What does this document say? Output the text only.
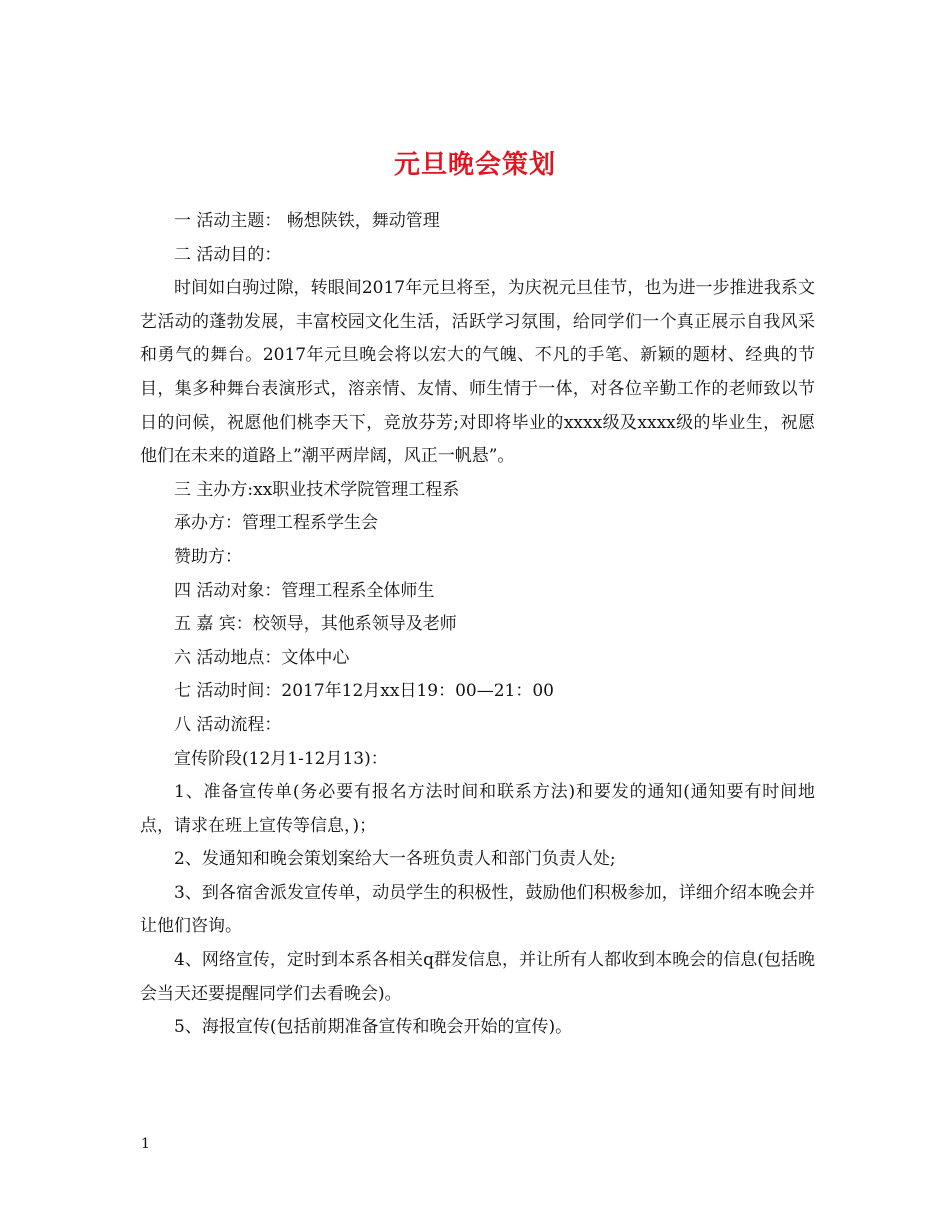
元旦晚会策划

一 活动主题： 畅想陕铁，舞动管理

二 活动目的：

时间如白驹过隙，转眼间2017年元旦将至，为庆祝元旦佳节，也为进一步推进我系文艺活动的蓬勃发展，丰富校园文化生活，活跃学习氛围，给同学们一个真正展示自我风采和勇气的舞台。2017年元旦晚会将以宏大的气魄、不凡的手笔、新颖的题材、经典的节目，集多种舞台表演形式，溶亲情、友情、师生情于一体，对各位辛勤工作的老师致以节日的问候，祝愿他们桃李天下，竞放芬芳;对即将毕业的xxxx级及xxxx级的毕业生，祝愿他们在未来的道路上”潮平两岸阔，风正一帆悬”。

三 主办方:xx职业技术学院管理工程系

承办方：管理工程系学生会

赞助方：

四 活动对象：管理工程系全体师生

五 嘉 宾：校领导，其他系领导及老师

六 活动地点：文体中心

七 活动时间：2017年12月xx日19：00—21：00

八 活动流程：

宣传阶段(12月1-12月13)：

1、准备宣传单(务必要有报名方法时间和联系方法)和要发的通知(通知要有时间地点，请求在班上宣传等信息，)；

2、发通知和晚会策划案给大一各班负责人和部门负责人处;

3、到各宿舍派发宣传单，动员学生的积极性，鼓励他们积极参加，详细介绍本晚会并让他们咨询。

4、网络宣传，定时到本系各相关q群发信息，并让所有人都收到本晚会的信息(包括晚会当天还要提醒同学们去看晚会)。

5、海报宣传(包括前期准备宣传和晚会开始的宣传)。

1
